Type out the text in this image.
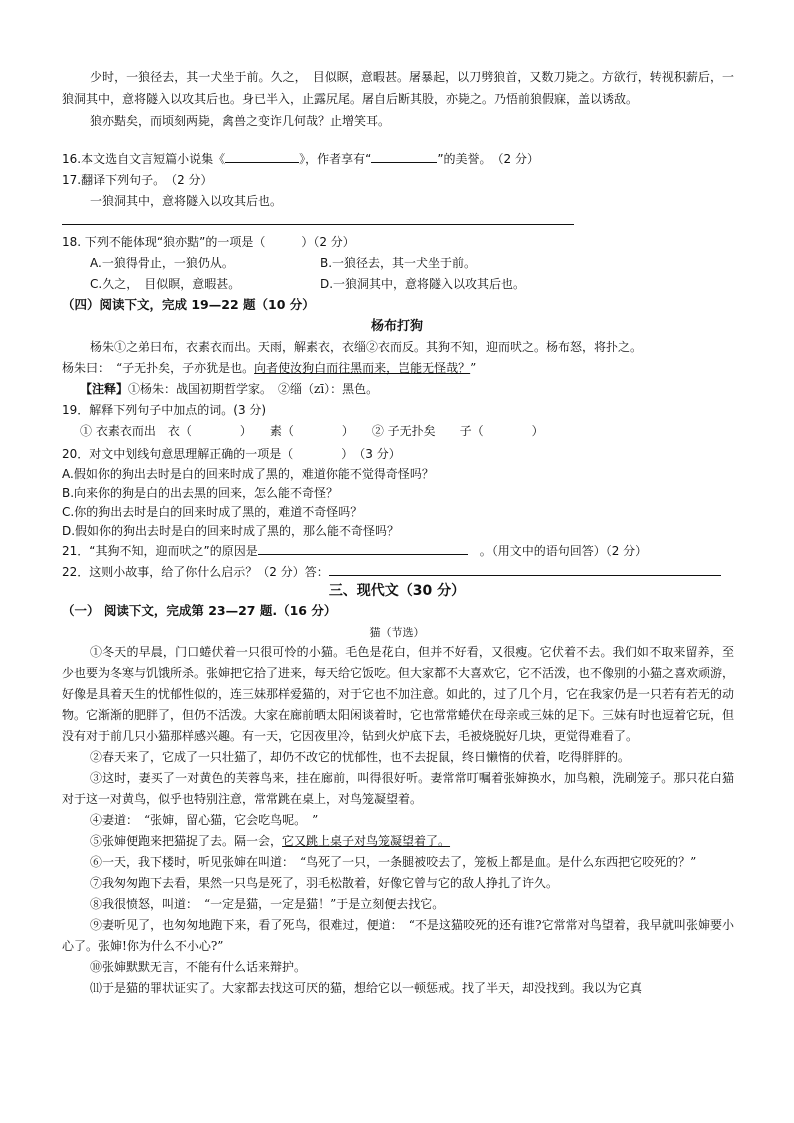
少时，一狼径去，其一犬坐于前。久之，　目似瞑，意暇甚。屠暴起，以刀劈狼首，又数刀毙之。方欲行，转视积薪后，一狼洞其中，意将隧入以攻其后也。身已半入，止露尻尾。屠自后断其股，亦毙之。乃悟前狼假寐，盖以诱敌。

狼亦黠矣，而顷刻两毙，禽兽之变诈几何哉？止增笑耳。

16.本文选自文言短篇小说集《	》，作者享有“	”的美誉。　 （2 分）
17.翻译下列句子。　 （2 分）
一狼洞其中，意将隧入以攻其后也。
18. 下列不能体现“狼亦黠”的一项是（　　　）（2 分）
A.一狼得骨止，一狼仍从。	B.一狼径去，其一犬坐于前。
C.久之，　目似瞑，意暇甚。	D.一狼洞其中，意将隧入以攻其后也。
（四）阅读下文，完成 19—22 题（10 分）
杨布打狗
杨朱①之弟曰布，衣素衣而出。天雨，解素衣，衣缁②衣而反。其狗不知，迎而吠之。杨布怒，将扑之。
杨朱曰：　“子无扑矣，子亦犹是也。向者使汝狗白而往黑而来，岂能无怪哉？”
【注释】①杨朱：战国初期哲学家。　②缁（zī）：黑色。
19．解释下列句子中加点的词。(3 分)
① 衣素衣而出　衣（　　　　）　　素（　　　　）　　② 子无扑矣　　子（　　　　）
20．对文中划线句意思理解正确的一项是（　　　　）　（3 分）
A.假如你的狗出去时是白的回来时成了黑的，难道你能不觉得奇怪吗？
B.向来你的狗是白的出去黑的回来，怎么能不奇怪？
C.你的狗出去时是白的回来时成了黑的，难道不奇怪吗？
D.假如你的狗出去时是白的回来时成了黑的，那么能不奇怪吗？
21．“其狗不知，迎而吠之”的原因是　	。（用文中的语句回答）（2 分）
22．这则小故事，给了你什么启示？（2 分）答：
三、现代文（30 分）
（一） 阅读下文，完成第 23—27 题.（16 分）
猫（节选）

①冬天的早晨，门口蜷伏着一只很可怜的小猫。毛色是花白，但并不好看，又很瘦。它伏着不去。我们如不取来留养，至少也要为冬寒与饥饿所杀。张婶把它拾了进来，每天给它饭吃。但大家都不大喜欢它，它不活泼，也不像别的小猫之喜欢顽游，好像是具着天生的忧郁性似的，连三妹那样爱猫的，对于它也不加注意。如此的，过了几个月，它在我家仍是一只若有若无的动物。它渐渐的肥胖了，但仍不活泼。大家在廊前晒太阳闲谈着时，它也常常蜷伏在母亲或三妹的足下。三妹有时也逗着它玩，但没有对于前几只小猫那样感兴趣。有一天，它因夜里冷，钻到火炉底下去，毛被烧脱好几块，更觉得难看了。

②春天来了，它成了一只壮猫了，却仍不改它的忧郁性，也不去捉鼠，终日懒惰的伏着，吃得胖胖的。

③这时，妻买了一对黄色的芙蓉鸟来，挂在廊前，叫得很好听。妻常常叮嘱着张婶换水，加鸟粮，洗刷笼子。那只花白猫对于这一对黄鸟，似乎也特别注意，常常跳在桌上，对鸟笼凝望着。

④妻道：　“张婶，留心猫，它会吃鸟呢。　”

⑤张婶便跑来把猫捉了去。隔一会，它又跳上桌子对鸟笼凝望着了。

⑥一天，我下楼时，听见张婶在叫道：　“鸟死了一只，一条腿被咬去了，笼板上都是血。是什么东西把它咬死的？”

⑦我匆匆跑下去看，果然一只鸟是死了，羽毛松散着，好像它曾与它的敌人挣扎了许久。

⑧我很愤怒，叫道：　“一定是猫，一定是猫！”于是立刻便去找它。

⑨妻听见了，也匆匆地跑下来，看了死鸟，很难过，便道：　“不是这猫咬死的还有谁?它常常对鸟望着，我早就叫张婶要小心了。张婶!你为什么不小心?”

⑩张婶默默无言，不能有什么话来辩护。

⑾于是猫的罪状证实了。大家都去找这可厌的猫，想给它以一顿惩戒。找了半天，却没找到。我以为它真
